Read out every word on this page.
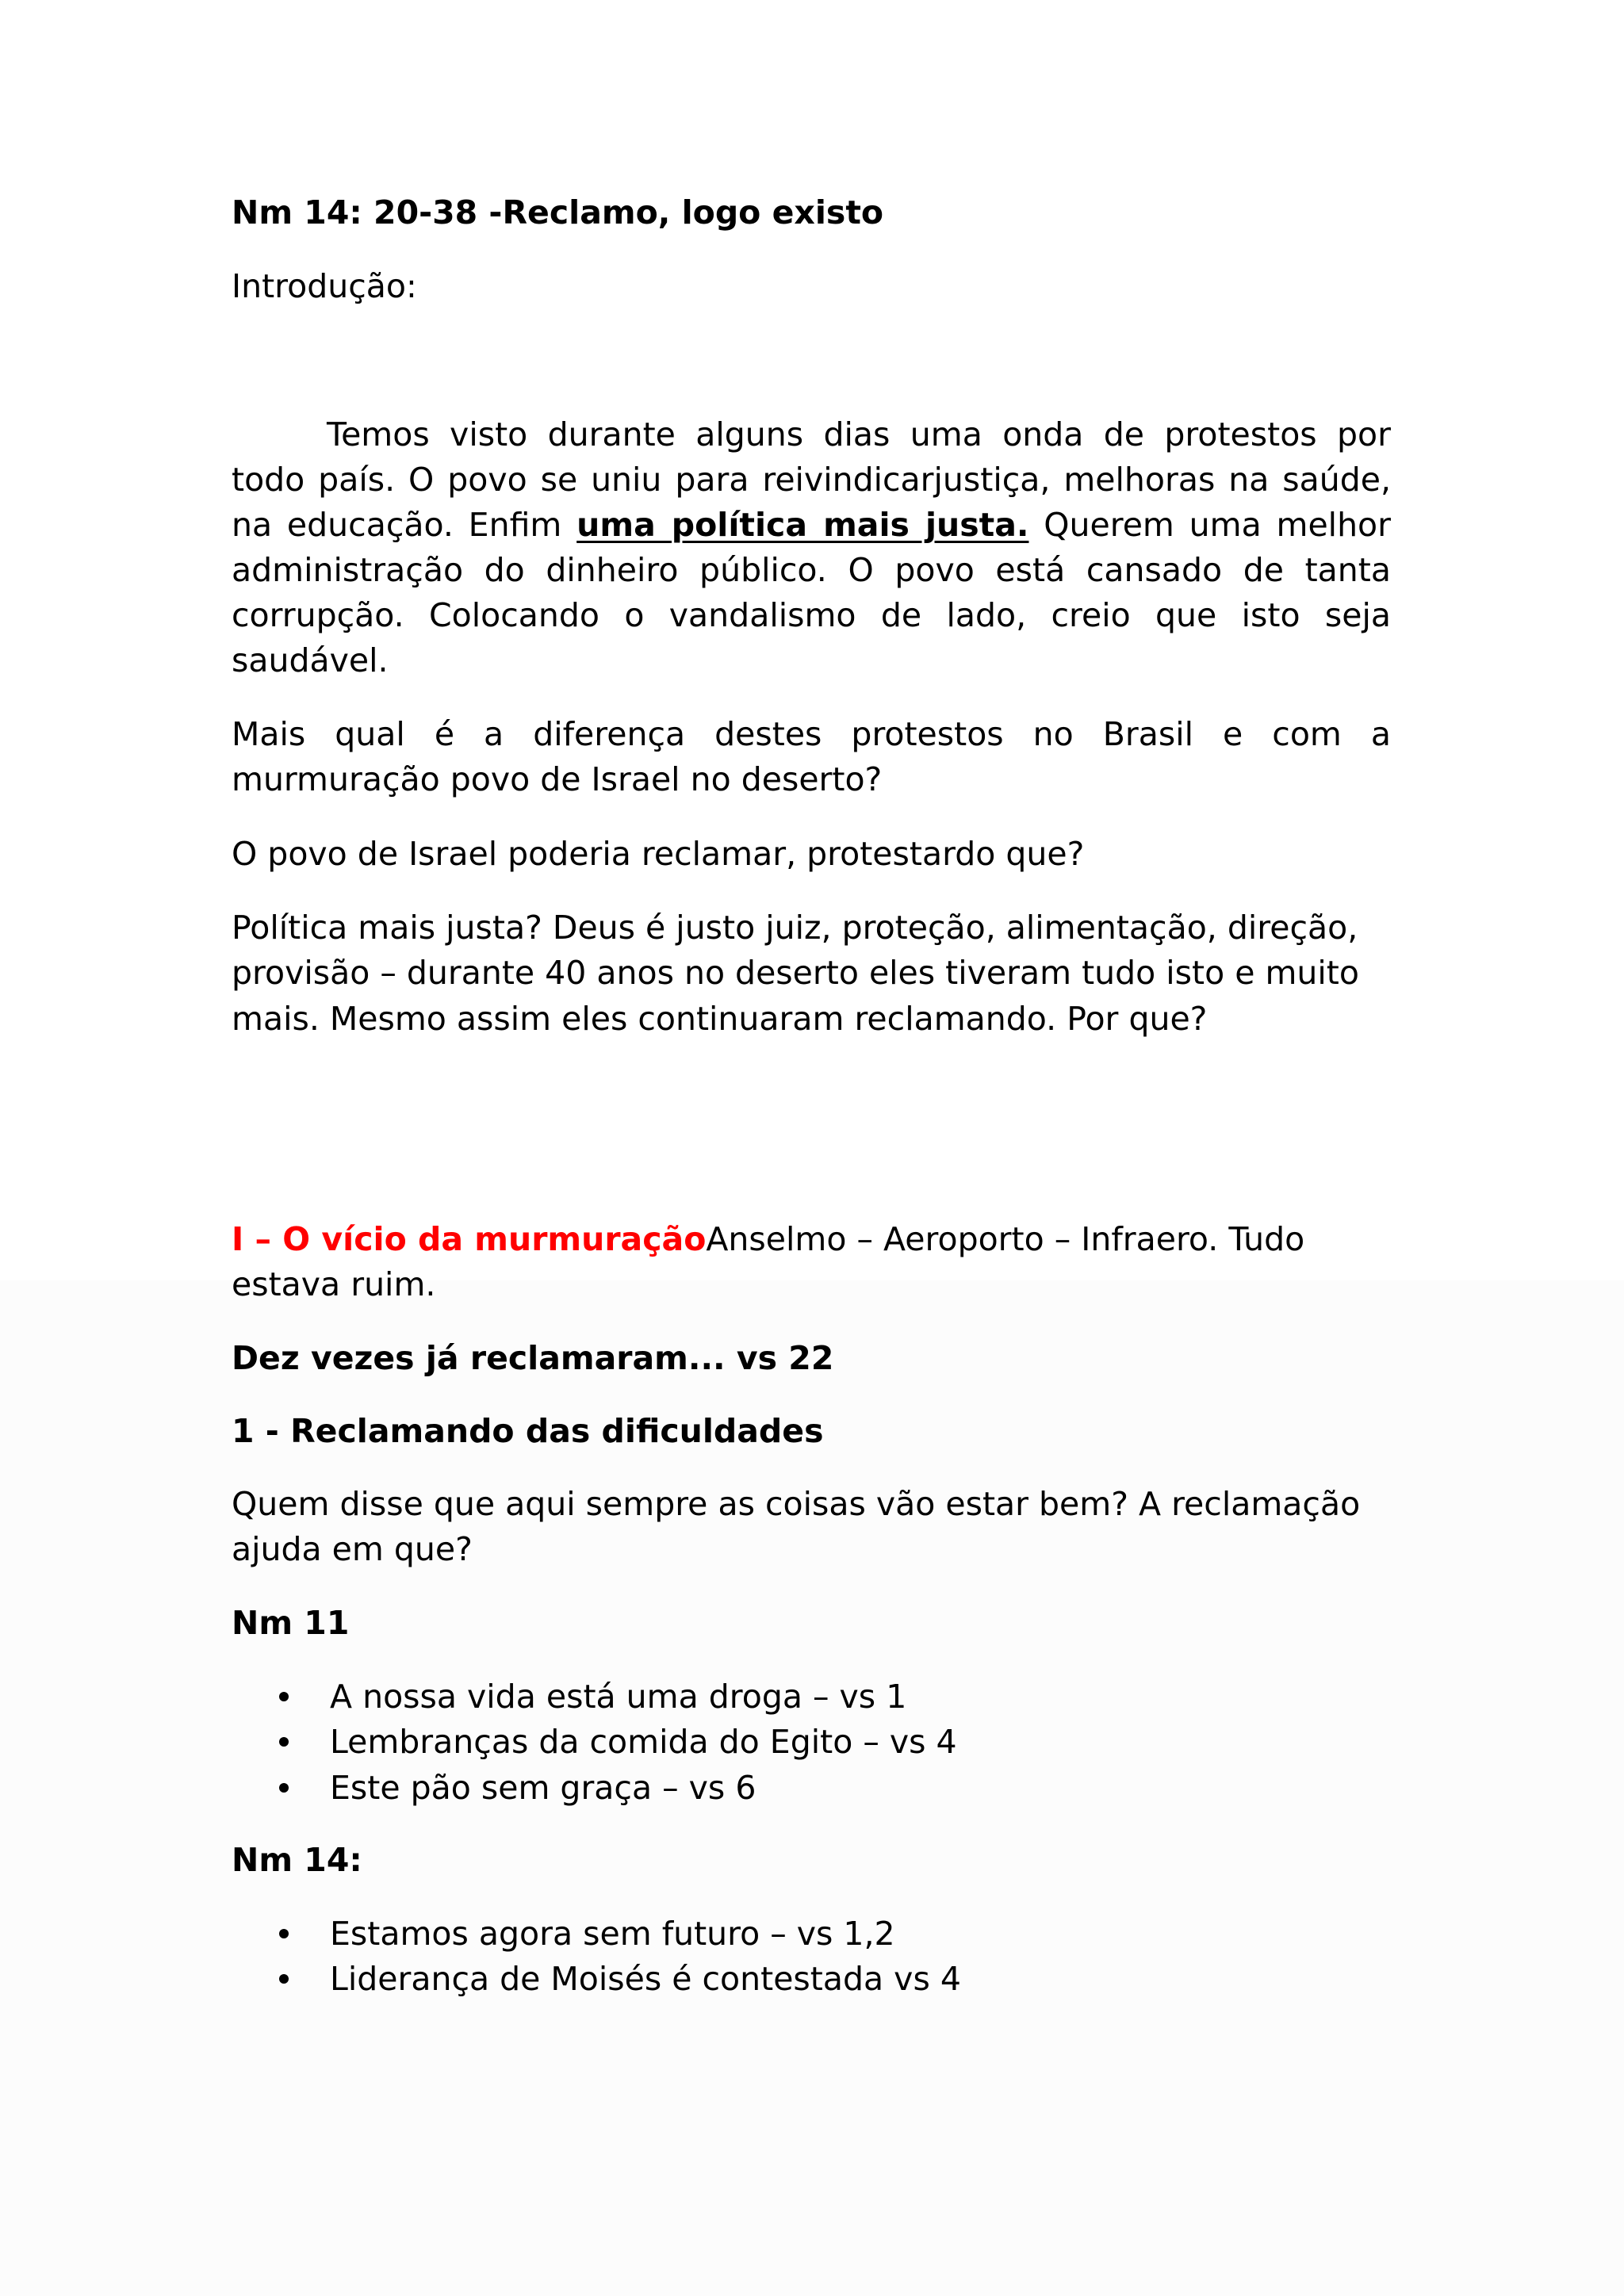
Nm 14: 20-38 -Reclamo, logo existo
Introdução:
Temos visto durante alguns dias uma onda de protestos por
todo país. O povo se uniu para reivindicarjustiça, melhoras na saúde,
na educação. Enfim uma política mais justa. Querem uma melhor
administração do dinheiro público. O povo está cansado de tanta
corrupção. Colocando o vandalismo de lado, creio que isto seja
saudável.
Mais qual é a diferença destes protestos no Brasil e com a
murmuração povo de Israel no deserto?
O povo de Israel poderia reclamar, protestardo que?
Política mais justa? Deus é justo juiz, proteção, alimentação, direção,
provisão – durante 40 anos no deserto eles tiveram tudo isto e muito
mais. Mesmo assim eles continuaram reclamando. Por que?
I – O vício da murmuraçãoAnselmo – Aeroporto – Infraero. Tudo
estava ruim.
Dez vezes já reclamaram... vs 22
1 - Reclamando das dificuldades
Quem disse que aqui sempre as coisas vão estar bem? A reclamação
ajuda em que?
Nm 11
A nossa vida está uma droga – vs 1
Lembranças da comida do Egito – vs 4
Este pão sem graça – vs 6
Nm 14:
Estamos agora sem futuro – vs 1,2
Liderança de Moisés é contestada vs 4
